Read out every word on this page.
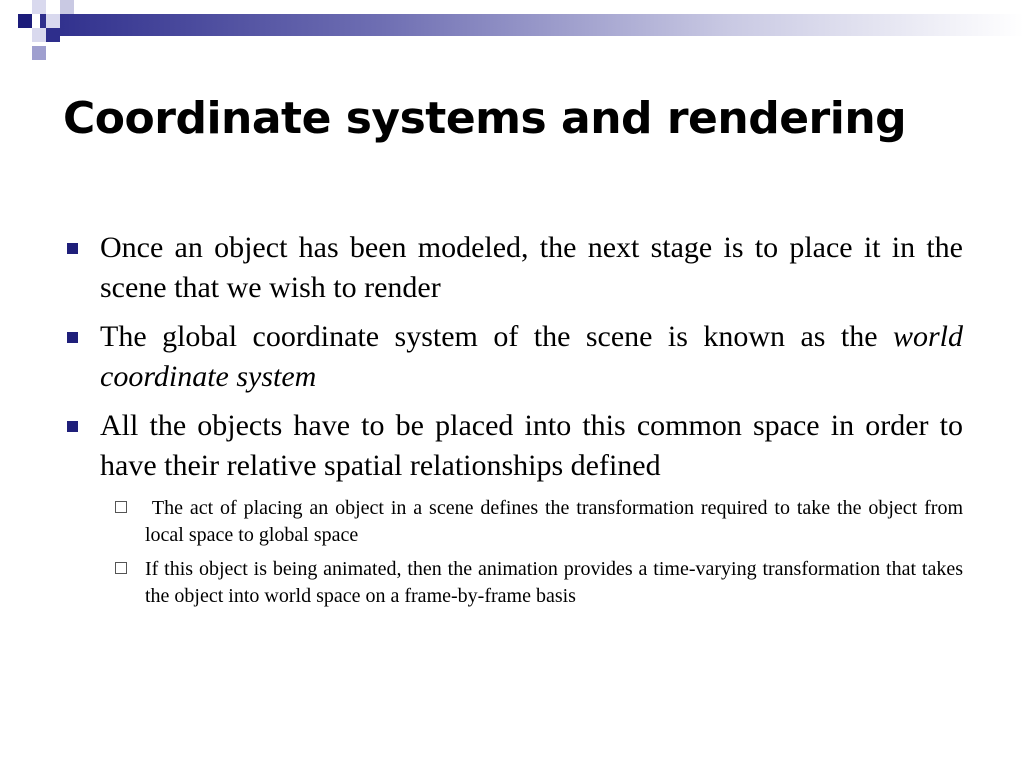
Coordinate systems and rendering
Once an object has been modeled, the next stage is to place it in the scene that we wish to render
The global coordinate system of the scene is known as the world coordinate system
All the objects have to be placed into this common space in order to have their relative spatial relationships defined
The act of placing an object in a scene defines the transformation required to take the object from local space to global space
If this object is being animated, then the animation provides a time-varying transformation that takes the object into world space on a frame-by-frame basis
